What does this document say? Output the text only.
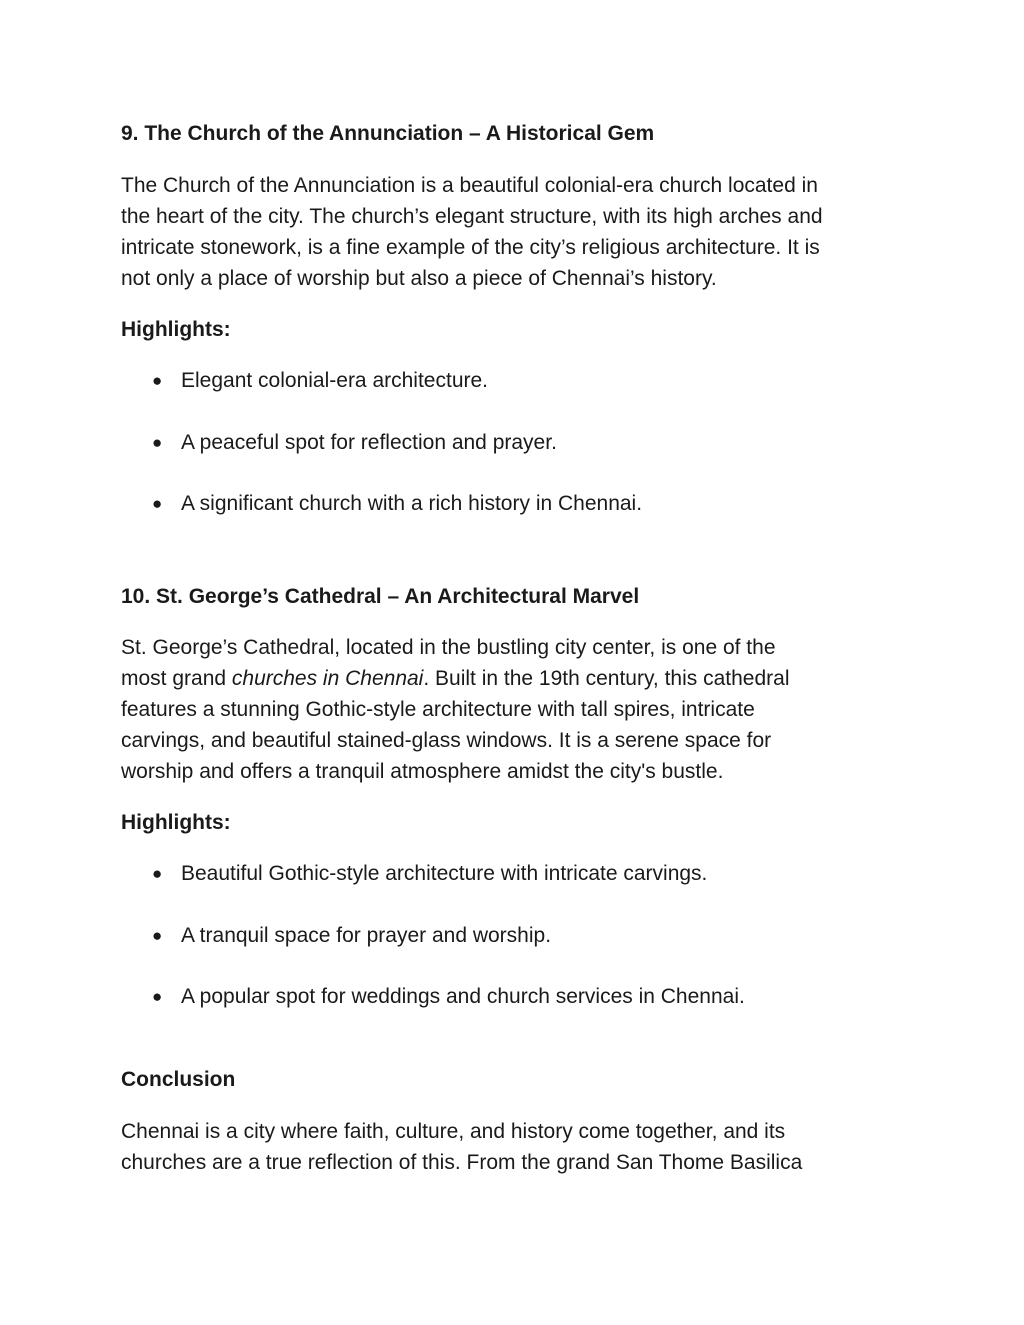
9. The Church of the Annunciation – A Historical Gem

The Church of the Annunciation is a beautiful colonial-era church located in
the heart of the city. The church’s elegant structure, with its high arches and
intricate stonework, is a fine example of the city’s religious architecture. It is
not only a place of worship but also a piece of Chennai’s history.

Highlights:
● Elegant colonial-era architecture.
● A peaceful spot for reflection and prayer.
● A significant church with a rich history in Chennai.
10. St. George’s Cathedral – An Architectural Marvel

St. George’s Cathedral, located in the bustling city center, is one of the
most grand churches in Chennai. Built in the 19th century, this cathedral
features a stunning Gothic-style architecture with tall spires, intricate
carvings, and beautiful stained-glass windows. It is a serene space for
worship and offers a tranquil atmosphere amidst the city's bustle.

Highlights:
● Beautiful Gothic-style architecture with intricate carvings.
● A tranquil space for prayer and worship.
● A popular spot for weddings and church services in Chennai.
Conclusion

Chennai is a city where faith, culture, and history come together, and its
churches are a true reflection of this. From the grand San Thome Basilica
